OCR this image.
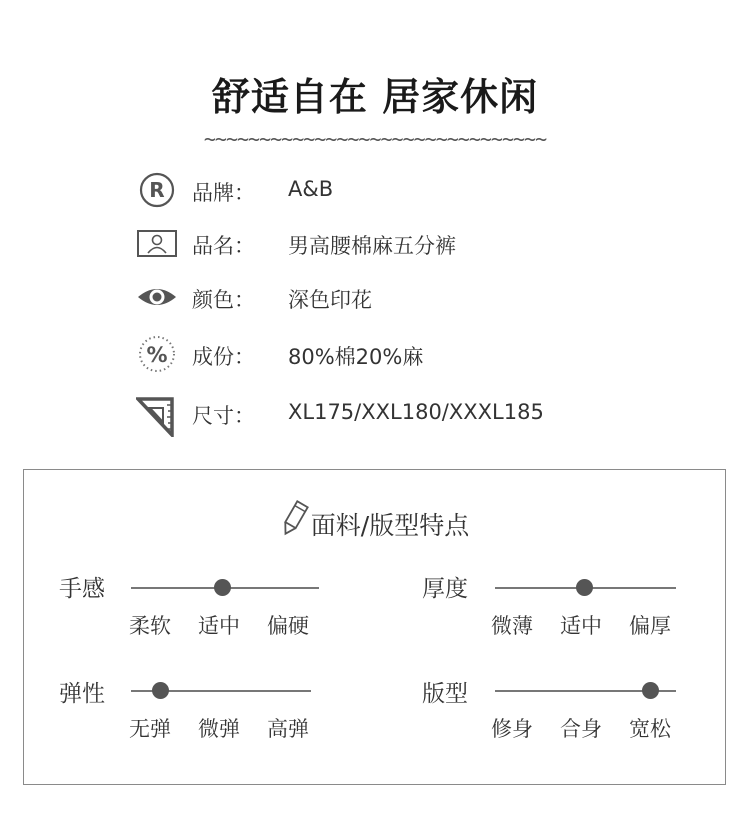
舒适自在 居家休闲
~~~~~~~~~~~~~~~~~~~~~~~~~~~~~~~
R 品牌： A&B
品名： 男高腰棉麻五分裤
颜色： 深色印花
% 成份： 80%棉20%麻
尺寸： XL175/XXL180/XXXL185
面料/版型特点
手感
柔软 适中 偏硬
厚度
微薄 适中 偏厚
弹性
无弹 微弹 高弹
版型
修身 合身 宽松
